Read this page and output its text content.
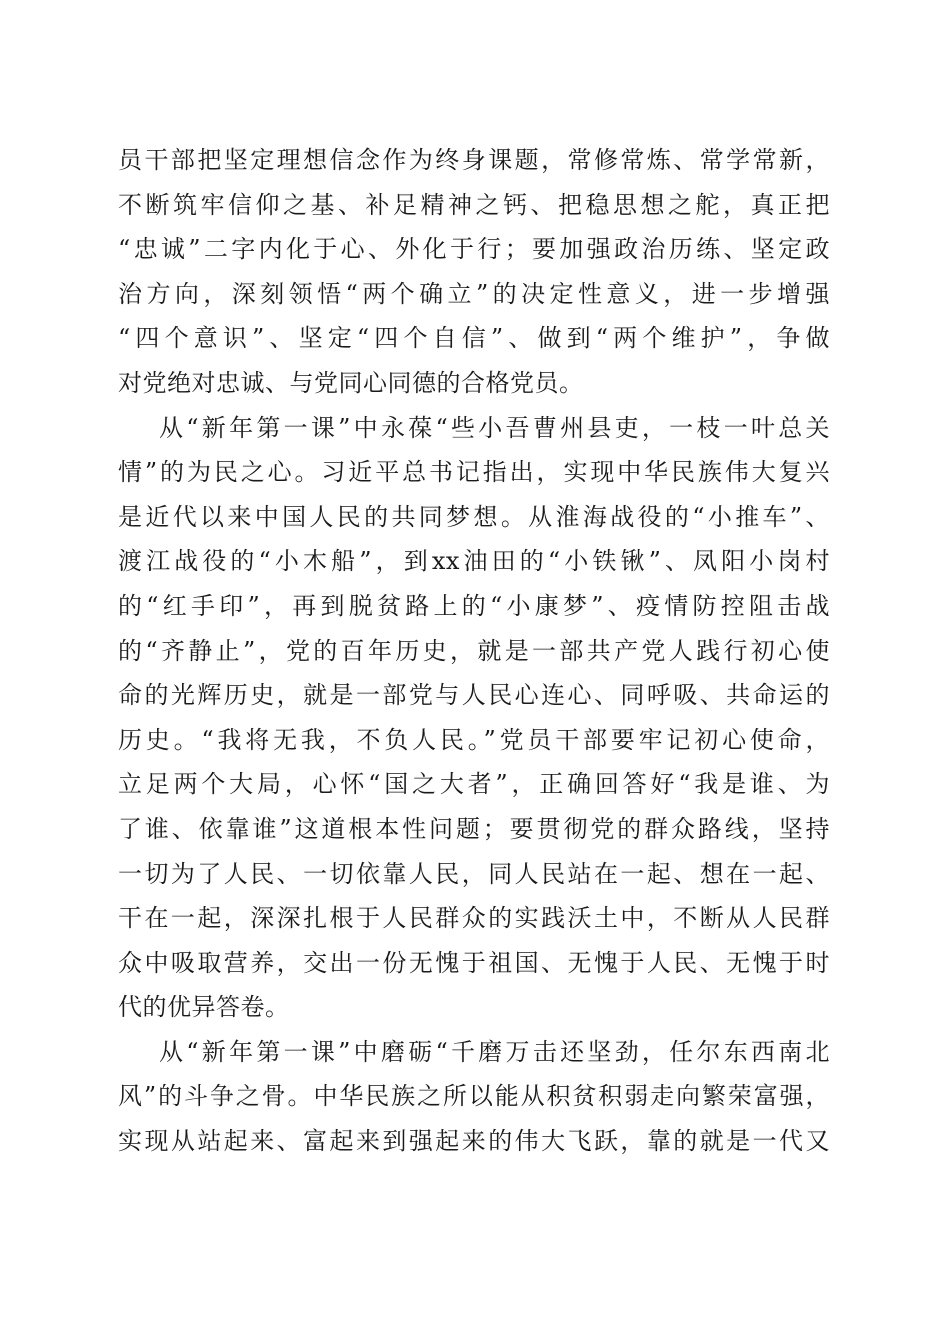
员干部把坚定理想信念作为终身课题，常修常炼、常学常新，
不断筑牢信仰之基、补足精神之钙、把稳思想之舵，真正把
“忠诚”二字内化于心、外化于行；要加强政治历练、坚定政
治方向，深刻领悟“两个确立”的决定性意义，进一步增强
“四个意识”、坚定“四个自信”、做到“两个维护”，争做
对党绝对忠诚、与党同心同德的合格党员。
从“新年第一课”中永葆“些小吾曹州县吏，一枝一叶总关
情”的为民之心。习近平总书记指出，实现中华民族伟大复兴
是近代以来中国人民的共同梦想。从淮海战役的“小推车”、
渡江战役的“小木船”，到xx油田的“小铁锹”、凤阳小岗村
的“红手印”，再到脱贫路上的“小康梦”、疫情防控阻击战
的“齐静止”，党的百年历史，就是一部共产党人践行初心使
命的光辉历史，就是一部党与人民心连心、同呼吸、共命运的
历史。“我将无我，不负人民。”党员干部要牢记初心使命，
立足两个大局，心怀“国之大者”，正确回答好“我是谁、为
了谁、依靠谁”这道根本性问题；要贯彻党的群众路线，坚持
一切为了人民、一切依靠人民，同人民站在一起、想在一起、
干在一起，深深扎根于人民群众的实践沃土中，不断从人民群
众中吸取营养，交出一份无愧于祖国、无愧于人民、无愧于时
代的优异答卷。
从“新年第一课”中磨砺“千磨万击还坚劲，任尔东西南北
风”的斗争之骨。中华民族之所以能从积贫积弱走向繁荣富强，
实现从站起来、富起来到强起来的伟大飞跃，靠的就是一代又
